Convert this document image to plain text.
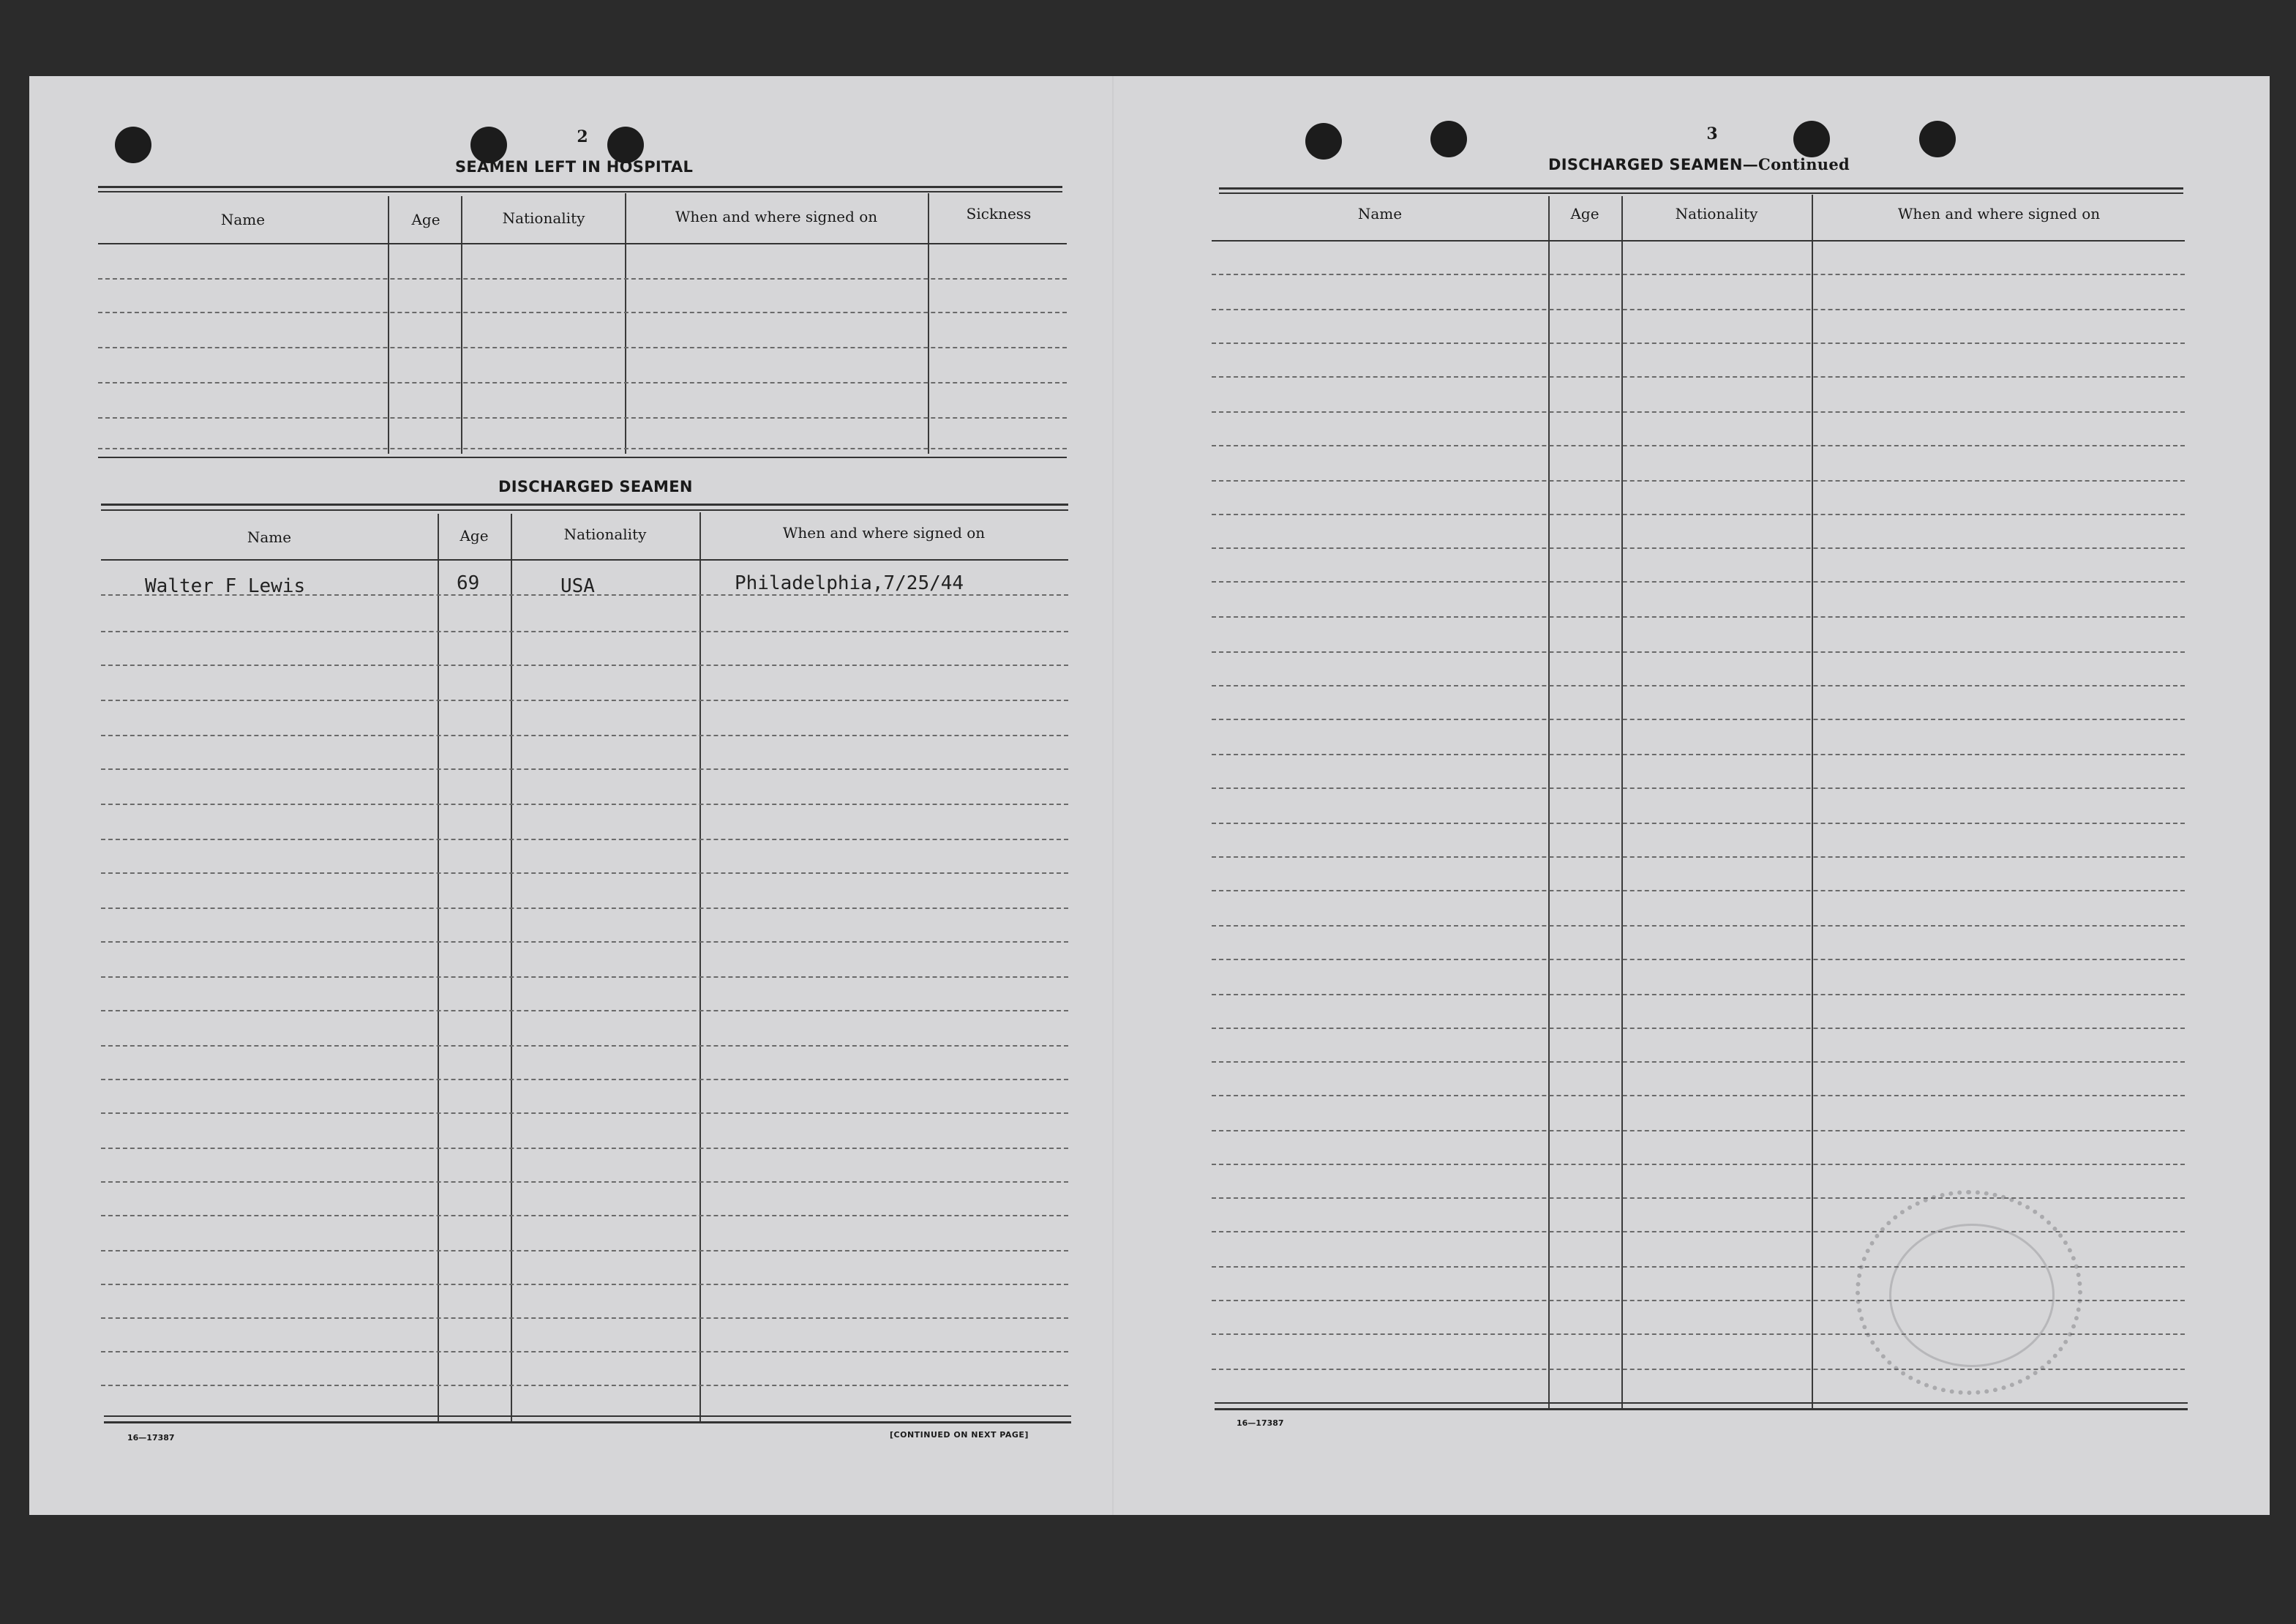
2
SEAMEN LEFT IN HOSPITAL
Name	Age	Nationality	When and where signed on	Sickness
DISCHARGED SEAMEN
Name	Age	Nationality	When and where signed on
Walter F Lewis	69	USA	Philadelphia,7/25/44
16—17387	[CONTINUED ON NEXT PAGE]
3
DISCHARGED SEAMEN—Continued
Name	Age	Nationality	When and where signed on
16—17387
